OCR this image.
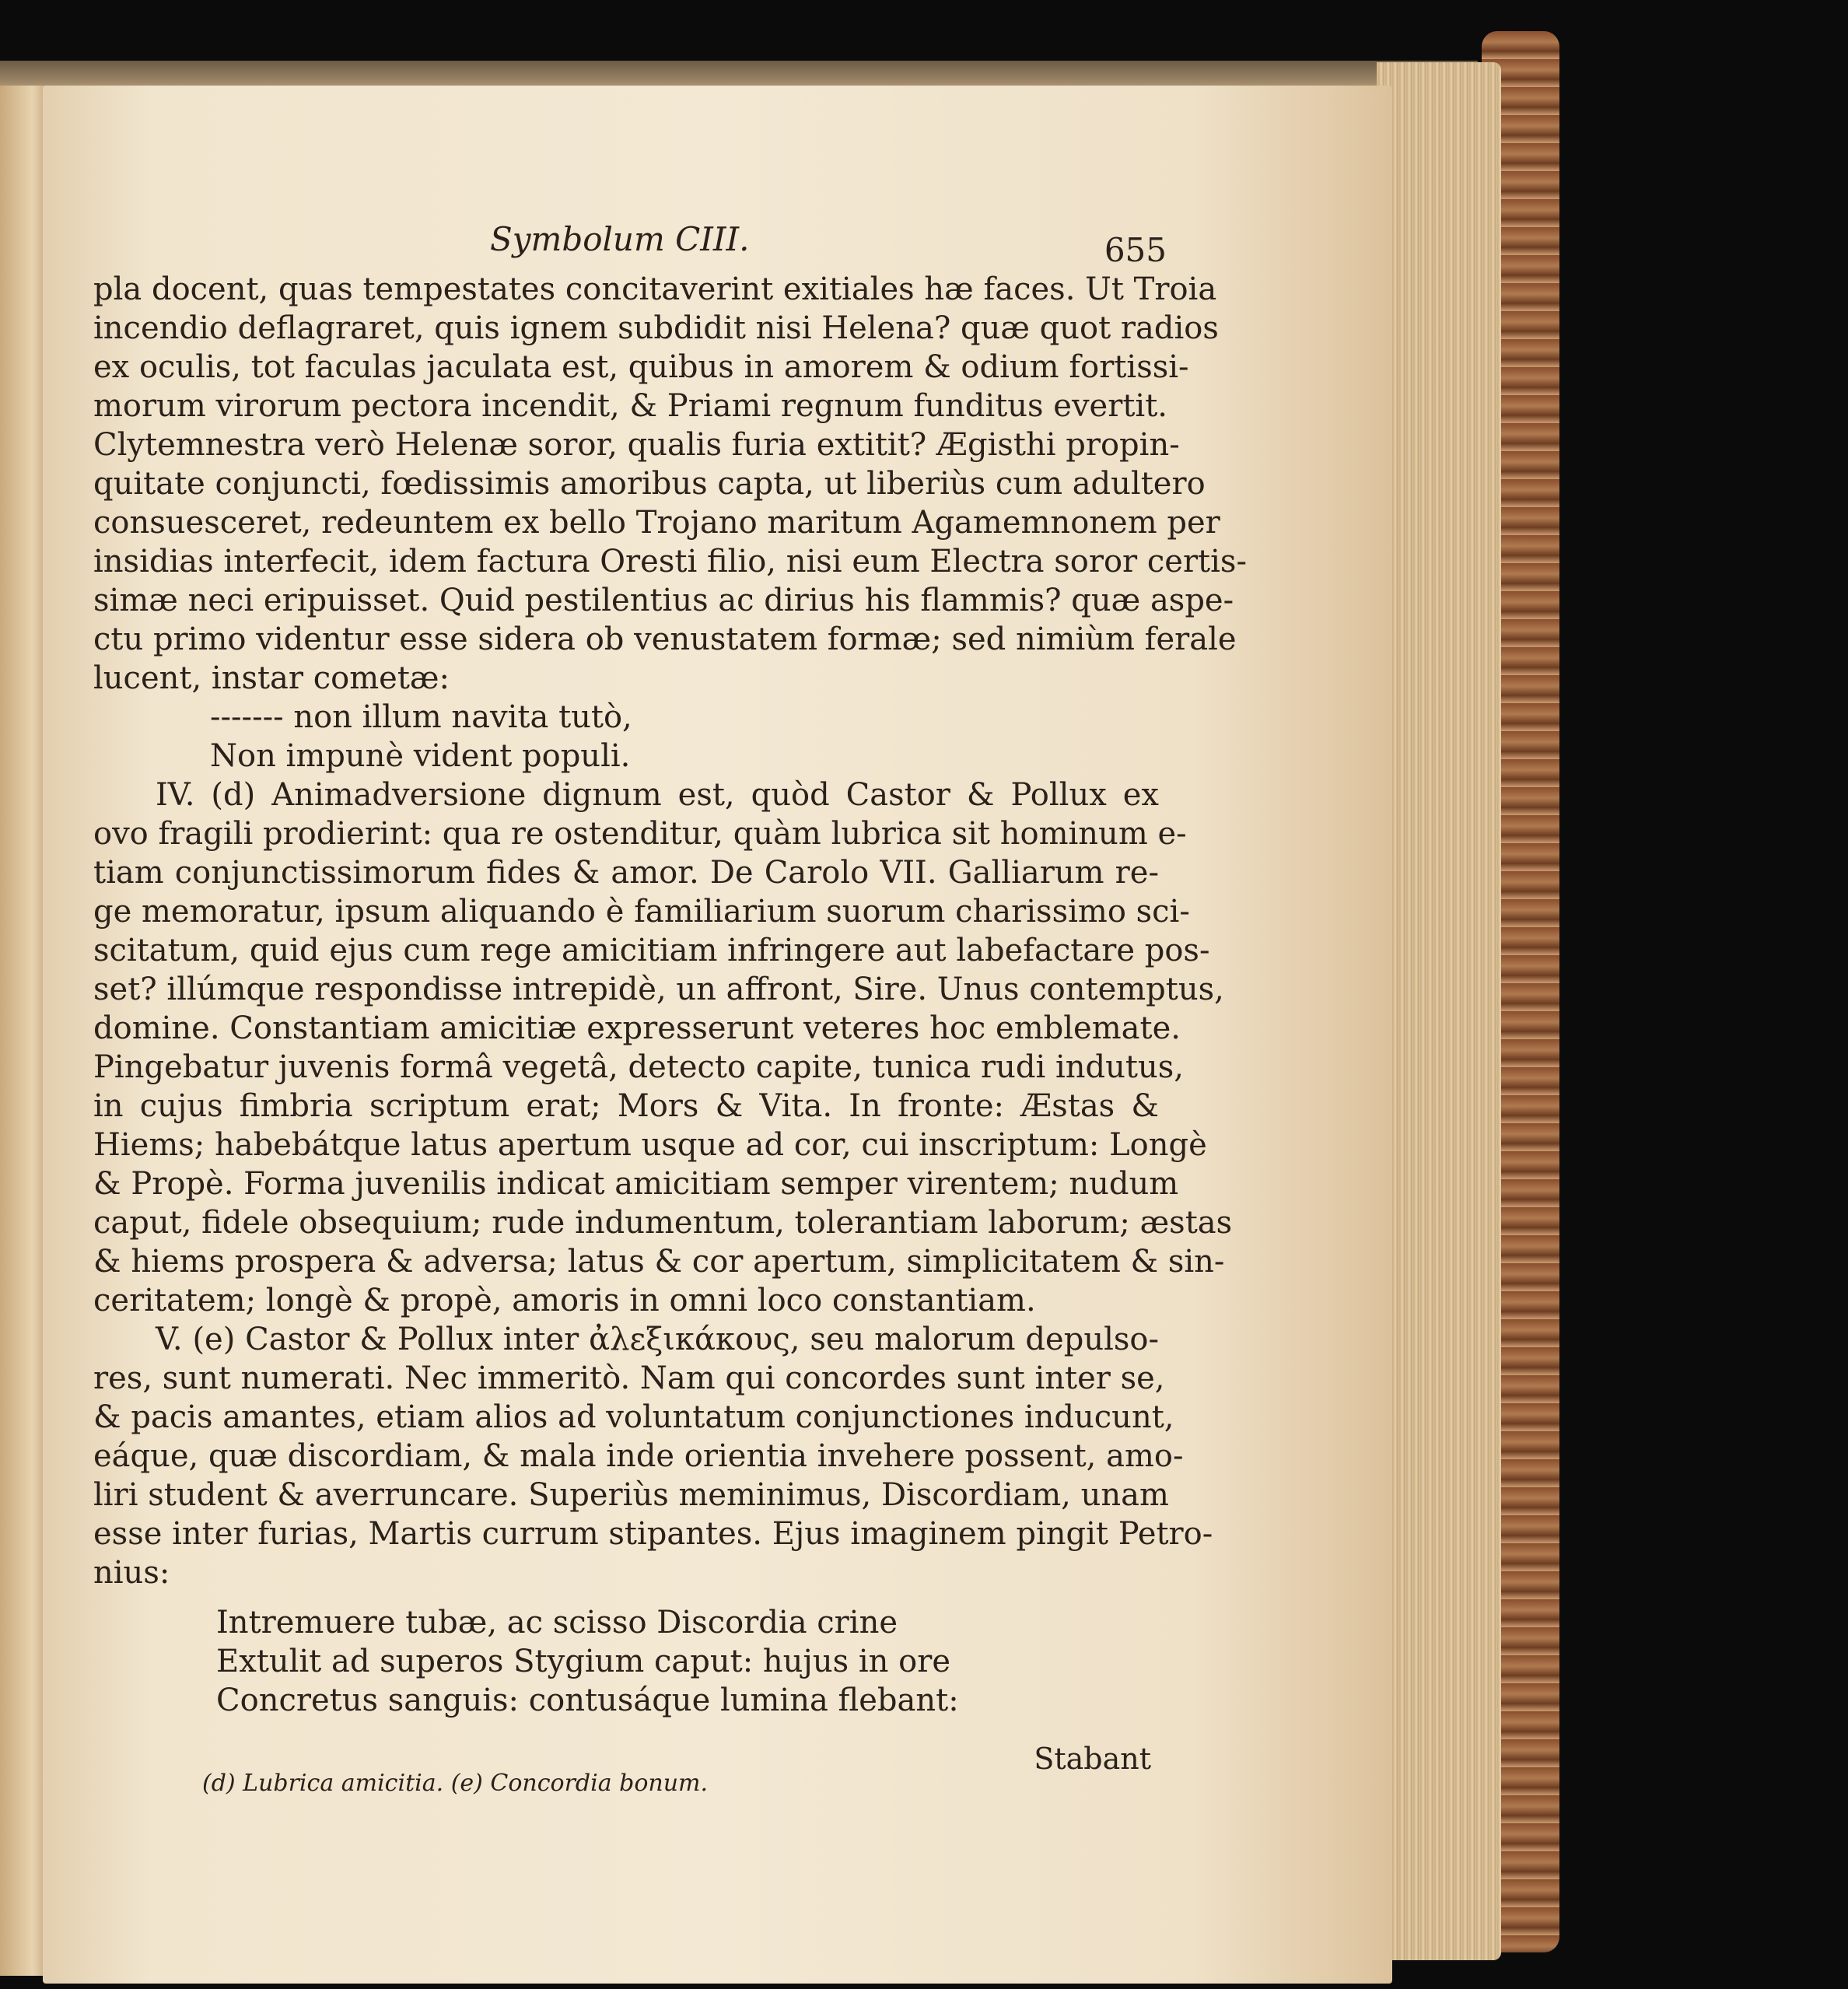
Symbolum CIII.	655
pla docent, quas tempestates concitaverint exitiales hæ faces. Ut Troia
incendio deflagraret, quis ignem subdidit nisi Helena? quæ quot radios
ex oculis, tot faculas jaculata est, quibus in amorem & odium fortissi-
morum virorum pectora incendit, & Priami regnum funditus evertit.
Clytemnestra verò Helenæ soror, qualis furia extitit? Ægisthi propin-
quitate conjuncti, fœdissimis amoribus capta, ut liberiùs cum adultero
consuesceret, redeuntem ex bello Trojano maritum Agamemnonem per
insidias interfecit, idem factura Oresti filio, nisi eum Electra soror certis-
simæ neci eripuisset. Quid pestilentius ac dirius his flammis? quæ aspe-
ctu primo videntur esse sidera ob venustatem formæ; sed nimiùm ferale
lucent, instar cometæ:
------- non illum navita tutò,
Non impunè vident populi.
IV. (d) Animadversione dignum est, quòd Castor & Pollux ex
ovo fragili prodierint: qua re ostenditur, quàm lubrica sit hominum e-
tiam conjunctissimorum fides & amor. De Carolo VII. Galliarum re-
ge memoratur, ipsum aliquando è familiarium suorum charissimo sci-
scitatum, quid ejus cum rege amicitiam infringere aut labefactare pos-
set? illúmque respondisse intrepidè, un affront, Sire. Unus contemptus,
domine. Constantiam amicitiæ expresserunt veteres hoc emblemate.
Pingebatur juvenis formâ vegetâ, detecto capite, tunica rudi indutus,
in cujus fimbria scriptum erat; Mors & Vita. In fronte: Æstas &
Hiems; habebátque latus apertum usque ad cor, cui inscriptum: Longè
& Propè. Forma juvenilis indicat amicitiam semper virentem; nudum
caput, fidele obsequium; rude indumentum, tolerantiam laborum; æstas
& hiems prospera & adversa; latus & cor apertum, simplicitatem & sin-
ceritatem; longè & propè, amoris in omni loco constantiam.
V. (e) Castor & Pollux inter ἀλεξικάκους, seu malorum depulso-
res, sunt numerati. Nec immeritò. Nam qui concordes sunt inter se,
& pacis amantes, etiam alios ad voluntatum conjunctiones inducunt,
eáque, quæ discordiam, & mala inde orientia invehere possent, amo-
liri student & averruncare. Superiùs meminimus, Discordiam, unam
esse inter furias, Martis currum stipantes. Ejus imaginem pingit Petro-
nius:
Intremuere tubæ, ac scisso Discordia crine
Extulit ad superos Stygium caput: hujus in ore
Concretus sanguis: contusáque lumina flebant:
Stabant
(d) Lubrica amicitia. (e) Concordia bonum.
